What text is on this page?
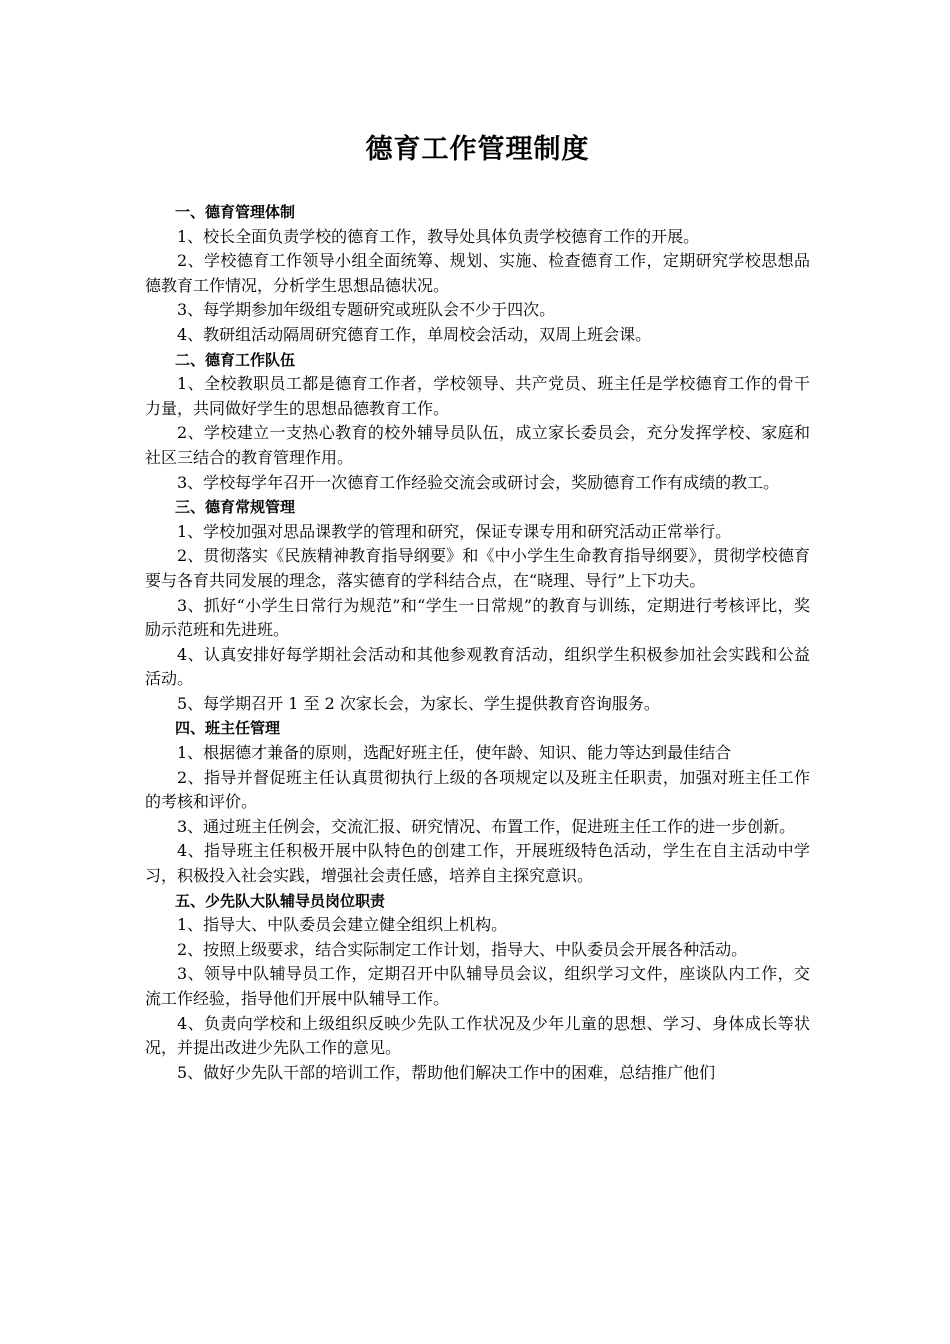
德育工作管理制度

一、德育管理体制

1、校长全面负责学校的德育工作，教导处具体负责学校德育工作的开展。

2、学校德育工作领导小组全面统筹、规划、实施、检查德育工作，定期研究学校思想品德教育工作情况，分析学生思想品德状况。

3、每学期参加年级组专题研究或班队会不少于四次。

4、教研组活动隔周研究德育工作，单周校会活动，双周上班会课。

二、德育工作队伍

1、全校教职员工都是德育工作者，学校领导、共产党员、班主任是学校德育工作的骨干力量，共同做好学生的思想品德教育工作。

2、学校建立一支热心教育的校外辅导员队伍，成立家长委员会，充分发挥学校、家庭和社区三结合的教育管理作用。

3、学校每学年召开一次德育工作经验交流会或研讨会，奖励德育工作有成绩的教工。

三、德育常规管理

1、学校加强对思品课教学的管理和研究，保证专课专用和研究活动正常举行。

2、贯彻落实《民族精神教育指导纲要》和《中小学生生命教育指导纲要》，贯彻学校德育要与各育共同发展的理念，落实德育的学科结合点，在“晓理、导行”上下功夫。

3、抓好“小学生日常行为规范”和“学生一日常规”的教育与训练，定期进行考核评比，奖励示范班和先进班。

4、认真安排好每学期社会活动和其他参观教育活动，组织学生积极参加社会实践和公益活动。

5、每学期召开 1 至 2 次家长会，为家长、学生提供教育咨询服务。

四、班主任管理

1、根据德才兼备的原则，选配好班主任，使年龄、知识、能力等达到最佳结合

2、指导并督促班主任认真贯彻执行上级的各项规定以及班主任职责，加强对班主任工作的考核和评价。

3、通过班主任例会，交流汇报、研究情况、布置工作，促进班主任工作的进一步创新。

4、指导班主任积极开展中队特色的创建工作，开展班级特色活动，学生在自主活动中学习，积极投入社会实践，增强社会责任感，培养自主探究意识。

五、少先队大队辅导员岗位职责

1、指导大、中队委员会建立健全组织上机构。

2、按照上级要求，结合实际制定工作计划，指导大、中队委员会开展各种活动。

3、领导中队辅导员工作，定期召开中队辅导员会议，组织学习文件，座谈队内工作，交流工作经验，指导他们开展中队辅导工作。

4、负责向学校和上级组织反映少先队工作状况及少年儿童的思想、学习、身体成长等状况，并提出改进少先队工作的意见。

5、做好少先队干部的培训工作，帮助他们解决工作中的困难，总结推广他们
